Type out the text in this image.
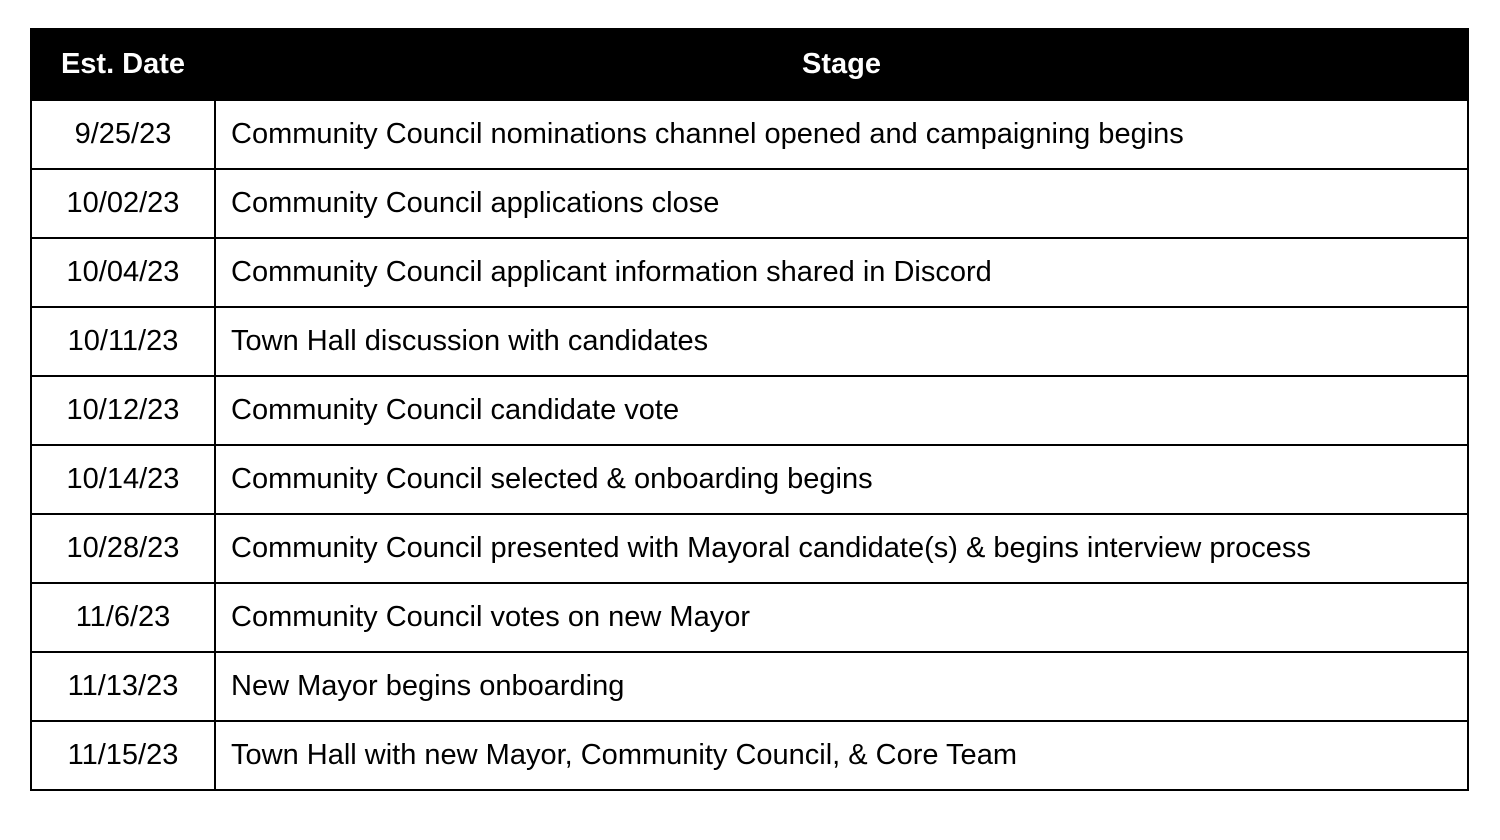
Est. Date	Stage
9/25/23	Community Council nominations channel opened and campaigning begins
10/02/23	Community Council applications close
10/04/23	Community Council applicant information shared in Discord
10/11/23	Town Hall discussion with candidates
10/12/23	Community Council candidate vote
10/14/23	Community Council selected & onboarding begins
10/28/23	Community Council presented with Mayoral candidate(s) & begins interview process
11/6/23	Community Council votes on new Mayor
11/13/23	New Mayor begins onboarding
11/15/23	Town Hall with new Mayor, Community Council, & Core Team
